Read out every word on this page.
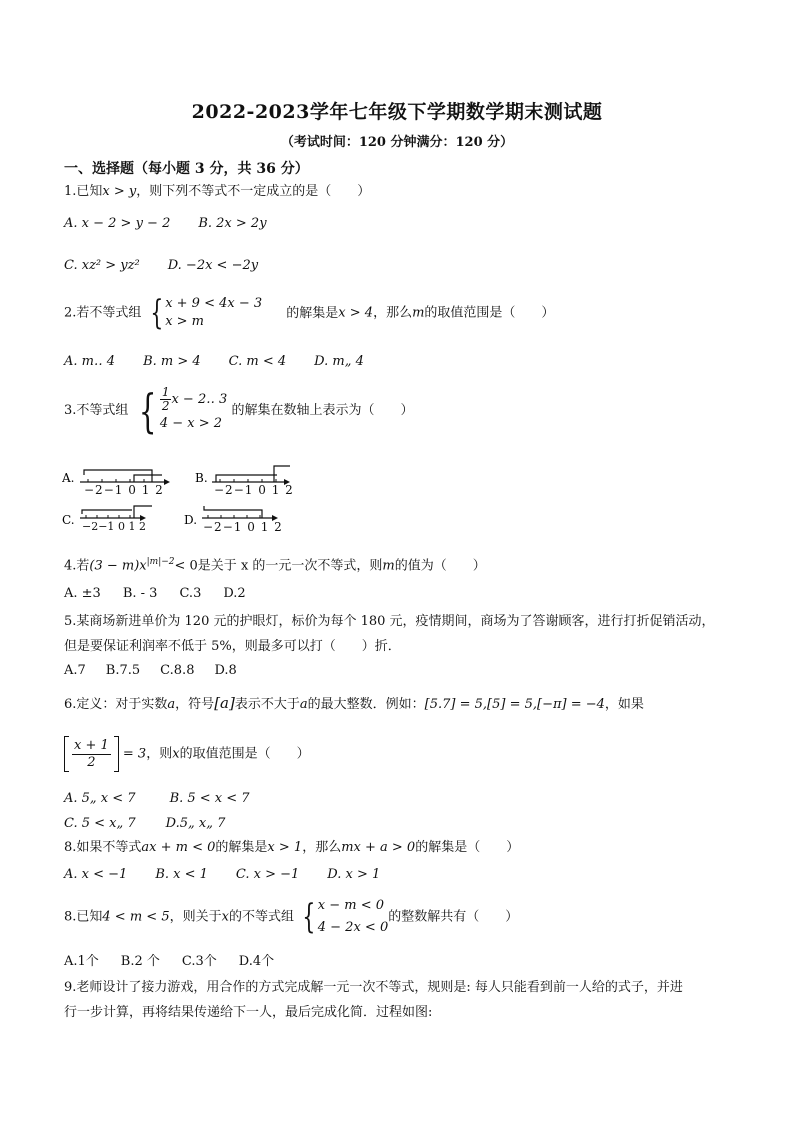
2022-2023学年七年级下学期数学期末测试题
（考试时间：120 分钟满分：120 分）
一、选择题（每小题 3 分，共 36 分）
1.已知x > y，则下列不等式不一定成立的是（　　）
A. x − 2 > y − 2 B. 2x > 2y
C. xz² > yz² D. −2x < −2y
2.若不等式组 { x + 9 < 4x − 3
x > m
的解集是x > 4，那么m的取值范围是（　　）
A. m‥ 4 B. m > 4 C. m < 4 D. m„ 4
3.不等式组 { $\frac{1}{2}$ x − 2‥ 3
4 − x > 2
的解集在数轴上表示为（　　）
A.	B.
C.	D.
−2−1 0 1 2	−2−1 0 1 2
−2−1 0 1 2	−2−1 0 1 2
4.若$(3 - m)x^{|m|-2}< 0$是关于 x 的一元一次不等式，则m的值为（　　）
A. ±3 B. - 3 C.3 D.2
5.某商场新进单价为 120 元的护眼灯，标价为每个 180 元，疫情期间，商场为了答谢顾客，进行打折促销活动，
但是要保证利润率不低于 5%，则最多可以打（　　）折．
A.7 B.7.5 C.8.8 D.8
6.定义：对于实数a，符号[a]表示不大于a的最大整数．例如：[5.7] = 5,[5] = 5,[−π] = −4，如果
$\frac{x + 1}{2} = 3$，则x的取值范围是（　　）
A. 5„ x < 7	B. 5 < x < 7
C. 5 < x„ 7 D.5„ x„ 7
8.如果不等式ax + m < 0的解集是x > 1，那么mx + a > 0的解集是（　　）
A. x < −1 B. x < 1 C. x > −1 D. x > 1
8.已知4 < m < 5，则关于x的不等式组 { x − m < 0
4 − 2x < 0
的整数解共有（　　）
A.1个 B.2 个 C.3个 D.4个
9.老师设计了接力游戏，用合作的方式完成解一元一次不等式，规则是: 每人只能看到前一人给的式子，并进
行一步计算，再将结果传递给下一人，最后完成化简．过程如图:
